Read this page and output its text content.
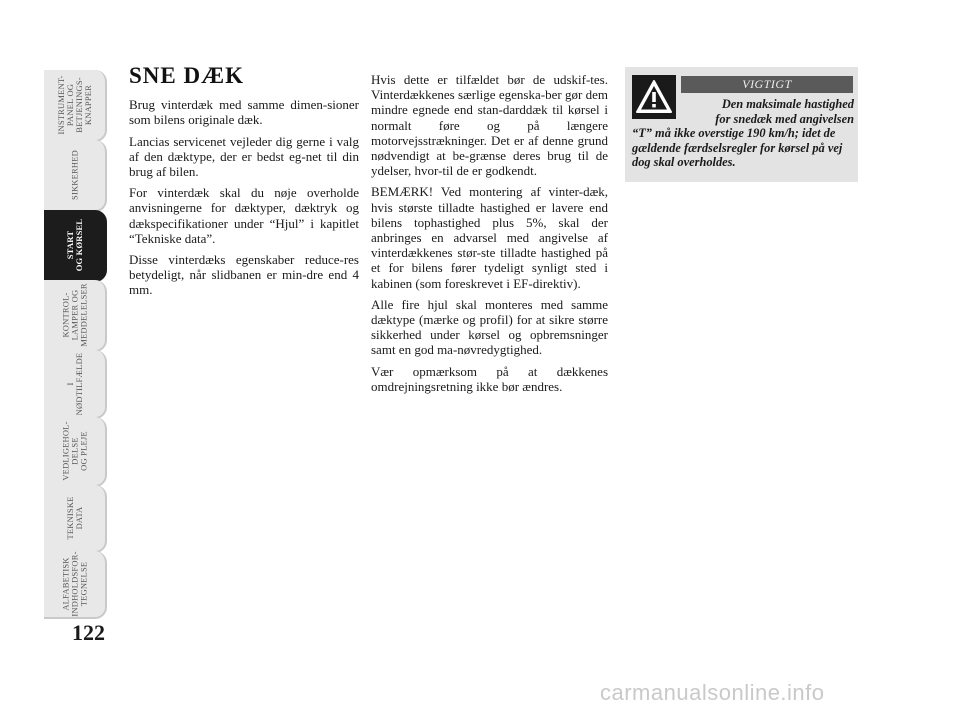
INSTRUMENT-
PANEL OG
BETJENINGS-
KNAPPER
SIKKERHED
START
OG KØRSEL
KONTROL-
LAMPER OG
MEDDELELSER
I
NØDTILFÆLDE
VEDLIGEHOL-
DELSE
OG PLEJE
TEKNISKE
DATA
ALFABETISK
INDHOLDSFOR-
TEGNELSE
122

SNE DÆK

Brug vinterdæk med samme dimen-sioner som bilens originale dæk.

Lancias servicenet vejleder dig gerne i valg af den dæktype, der er bedst eg-net til din brug af bilen.

For vinterdæk skal du nøje overholde anvisningerne for dæktyper, dæktryk og dækspecifikationer under “Hjul” i kapitlet “Tekniske data”.

Disse vinterdæks egenskaber reduce-res betydeligt, når slidbanen er min-dre end 4 mm.

Hvis dette er tilfældet bør de udskif-tes. Vinterdækkenes særlige egenska-ber gør dem mindre egnede end stan-darddæk til kørsel i normalt føre og på længere motorvejsstrækninger. Det er af denne grund nødvendigt at be-grænse deres brug til de ydelser, hvor-til de er godkendt.

BEMÆRK! Ved montering af vinter-dæk, hvis største tilladte hastighed er lavere end bilens tophastighed plus 5%, skal der anbringes en advarsel med angivelse af vinterdækkenes stør-ste tilladte hastighed på et for bilens fører tydeligt synligt sted i kabinen (som foreskrevet i EF-direktiv).

Alle fire hjul skal monteres med samme dæktype (mærke og profil) for at sikre større sikkerhed under kørsel og opbremsninger samt en god ma-nøvredygtighed.

Vær opmærksom på at dækkenes omdrejningsretning ikke bør ændres.

VIGTIGT
Den maksimale hastighed
for snedæk med angivelsen
“T” må ikke overstige 190 km/h; idet de gældende færdselsregler for kørsel på vej dog skal overholdes.
carmanualsonline.info
